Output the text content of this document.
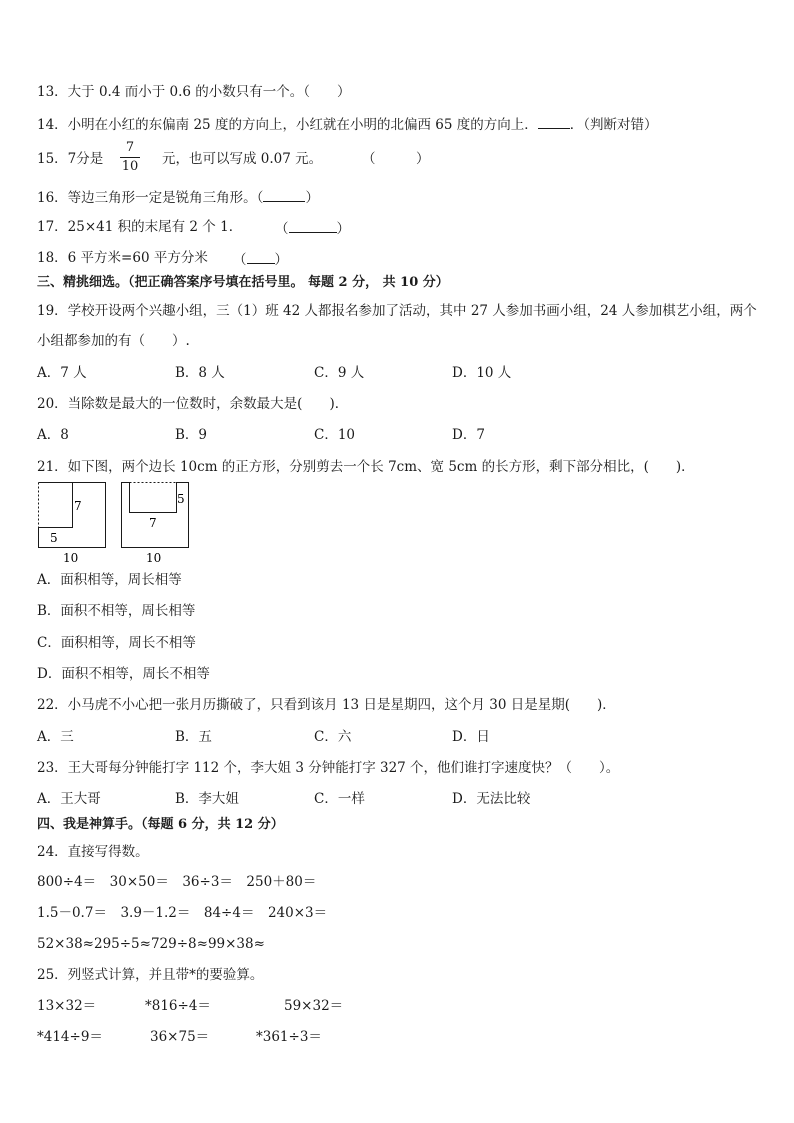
13．大于 0.4 而小于 0.6 的小数只有一个。（　　）
14．小明在小红的东偏南 25 度的方向上，小红就在小明的北偏西 65 度的方向上． ．（判断对错）
15．7分是
7
10 元，也可以写成 0.07 元。	（　　　）
16．等边三角形一定是锐角三角形。（	）
17．25×41 积的末尾有 2 个 1． （	）
18．6 平方米=60 平方分米 （ ）
三、精挑细选。（把正确答案序号填在括号里。 每题 2 分， 共 10 分）
19．学校开设两个兴趣小组，三（1）班 42 人都报名参加了活动，其中 27 人参加书画小组，24 人参加棋艺小组，两个
小组都参加的有（　　）.
A．7 人	B．8 人	C．9 人	D．10 人
20．当除数是最大的一位数时，余数最大是(　　)．
A．8	B．9	C．10	D．7
21．如下图，两个边长 10cm 的正方形，分别剪去一个长 7cm、宽 5cm 的长方形，剩下部分相比，(　　)．
7
5
10
5
7
10
A．面积相等，周长相等
B．面积不相等，周长相等
C．面积相等，周长不相等
D．面积不相等，周长不相等
22．小马虎不小心把一张月历撕破了，只看到该月 13 日是星期四，这个月 30 日是星期(　　)．
A．三	B．五	C．六	D．日
23．王大哥每分钟能打字 112 个，李大姐 3 分钟能打字 327 个，他们谁打字速度快？（　　）。
A．王大哥	B．李大姐	C．一样	D．无法比较
四、我是神算手。（每题 6 分，共 12 分）
24．直接写得数。
800÷4＝　30×50＝　36÷3＝　250＋80＝
1.5－0.7＝　3.9－1.2＝　84÷4＝　240×3＝
52×38≈295÷5≈729÷8≈99×38≈
25．列竖式计算，并且带*的要验算。
13×32＝	*816÷4＝	59×32＝
*414÷9＝	36×75＝	*361÷3＝
